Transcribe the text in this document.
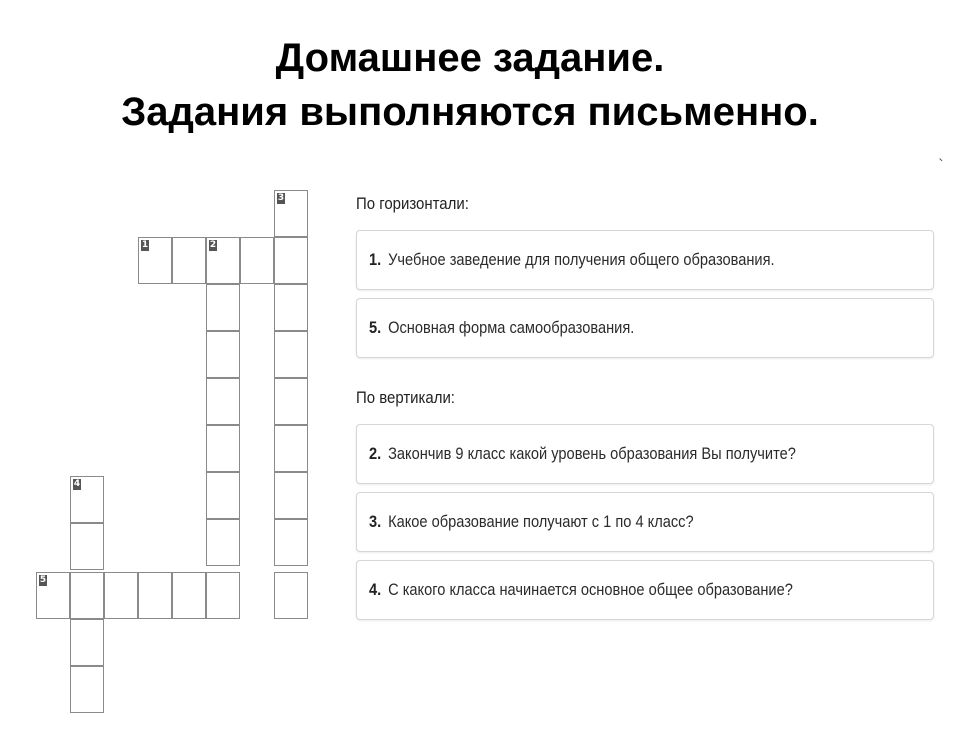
Домашнее задание.
Задания выполняются письменно.
`
3
1	2
4
5
По горизонтали:
1. Учебное заведение для получения общего образования.
5. Основная форма самообразования.
По вертикали:
2. Закончив 9 класс какой уровень образования Вы получите?
3. Какое образование получают с 1 по 4 класс?
4. С какого класса начинается основное общее образование?
